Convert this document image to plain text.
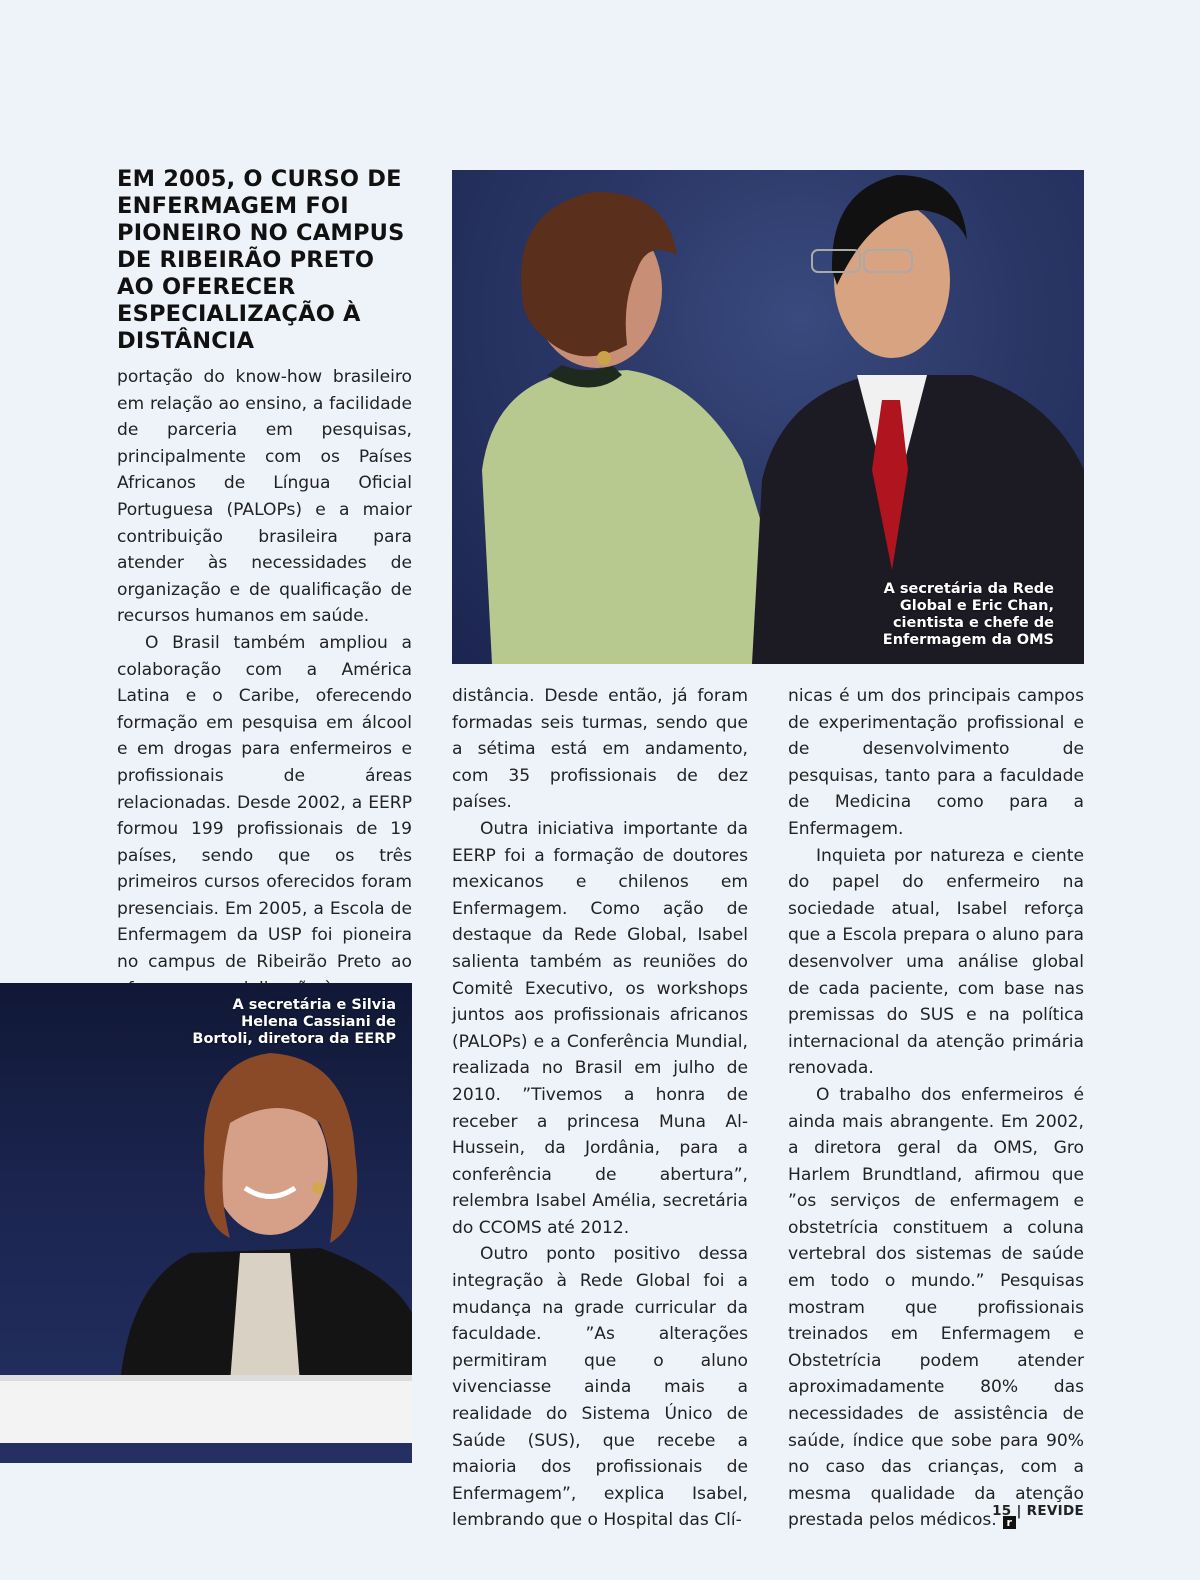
EM 2005, O CURSO DE ENFERMAGEM FOI PIONEIRO NO CAMPUS DE RIBEIRÃO PRETO AO OFERECER ESPECIALIZAÇÃO À DISTÂNCIA

portação do know-how brasileiro em relação ao ensino, a facilidade de parceria em pesquisas, principalmente com os Países Africanos de Língua Oficial Portuguesa (PALOPs) e a maior contribuição brasileira para atender às necessidades de organização e de qualificação de recursos humanos em saúde.

O Brasil também ampliou a colaboração com a América Latina e o Caribe, oferecendo formação em pesquisa em álcool e em drogas para enfermeiros e profissionais de áreas relacionadas. Desde 2002, a EERP formou 199 profissionais de 19 países, sendo que os três primeiros cursos oferecidos foram presenciais. Em 2005, a Escola de Enfermagem da USP foi pioneira no campus de Ribeirão Preto ao

A secretária da Rede
Global e Eric Chan,
cientista e chefe de
Enfermagem da OMS
A secretária e Silvia
Helena Cassiani de
Bortoli, diretora da EERP

distância. Desde então, já foram formadas seis turmas, sendo que a sétima está em andamento, com 35 profissionais de dez países.

Outra iniciativa importante da EERP foi a formação de doutores mexicanos e chilenos em Enfermagem. Como ação de destaque da Rede Global, Isabel salienta também as reuniões do Comitê Executivo, os workshops juntos aos profissionais africanos (PALOPs) e a Conferência Mundial, realizada no Brasil em julho de 2010. ”Tivemos a honra de receber a princesa Muna Al-Hussein, da Jordânia, para a conferência de abertura”, relembra Isabel Amélia, secretária do CCOMS até 2012.

Outro ponto positivo dessa integração à Rede Global foi a mudança na grade curricular da faculdade. ”As alterações permitiram que o aluno vivenciasse ainda mais a realidade do Sistema Único de Saúde (SUS), que recebe a maioria dos profissionais de Enfermagem”, explica Isabel, lembrando que o Hospital das Clí-

nicas é um dos principais campos de experimentação profissional e de desenvolvimento de pesquisas, tanto para a faculdade de Medicina como para a Enfermagem.

Inquieta por natureza e ciente do papel do enfermeiro na sociedade atual, Isabel reforça que a Escola prepara o aluno para desenvolver uma análise global de cada paciente, com base nas premissas do SUS e na política internacional da atenção primária renovada.

O trabalho dos enfermeiros é ainda mais abrangente. Em 2002, a diretora geral da OMS, Gro Harlem Brundtland, afirmou que ”os serviços de enfermagem e obstetrícia constituem a coluna vertebral dos sistemas de saúde em todo o mundo.” Pesquisas mostram que profissionais treinados em Enfermagem e Obstetrícia podem atender aproximadamente 80% das necessidades de assistência de saúde, índice que sobe para 90% no caso das crianças, com a mesma qualidade da atenção prestada pelos médicos. r

15 | REVIDE
